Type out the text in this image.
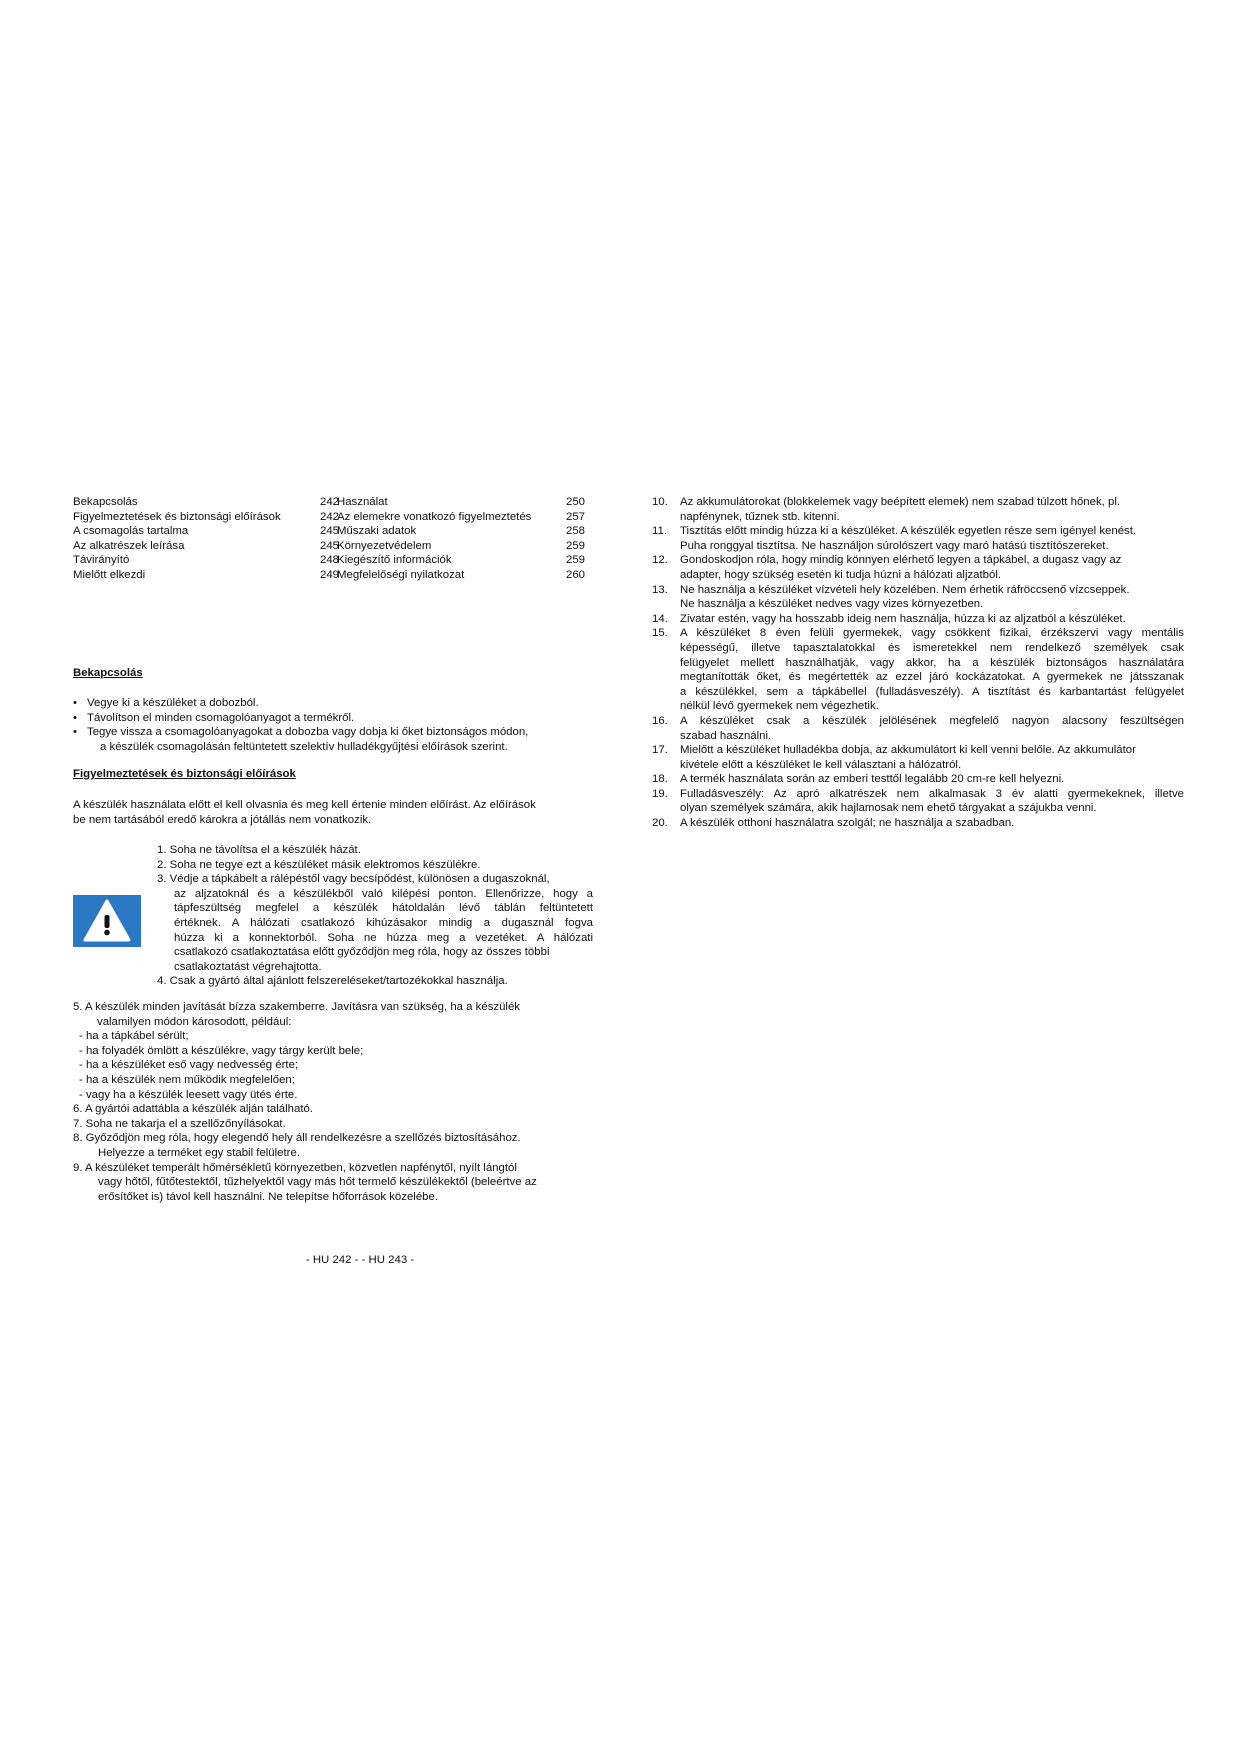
Bekapcsolás	242
Figyelmeztetések és biztonsági előírások	242
A csomagolás tartalma	245
Az alkatrészek leírása	245
Távirányító	248
Mielőtt elkezdi	249
Használat	250
Az elemekre vonatkozó figyelmeztetés	257
Műszaki adatok	258
Környezetvédelem	259
Kiegészítő információk	259
Megfelelőségi nyilatkozat	260
Bekapcsolás
• Vegye ki a készüléket a dobozból.
• Távolítson el minden csomagolóanyagot a termékről.
• Tegye vissza a csomagolóanyagokat a dobozba vagy dobja ki őket biztonságos módon,
a készülék csomagolásán feltüntetett szelektív hulladékgyűjtési előírások szerint.
Figyelmeztetések és biztonsági előírások
A készülék használata előtt el kell olvasnia és meg kell értenie minden előírást. Az előírások
be nem tartásából eredő károkra a jótállás nem vonatkozik.
1. Soha ne távolítsa el a készülék házát.
2. Soha ne tegye ezt a készüléket másik elektromos készülékre.
3. Védje a tápkábelt a rálépéstől vagy becsípődést, különösen a dugaszoknál,
az aljzatoknál és a készülékből való kilépési ponton. Ellenőrizze, hogy a
tápfeszültség megfelel a készülék hátoldalán lévő táblán feltüntetett
értéknek. A hálózati csatlakozó kihúzásakor mindig a dugasznál fogva
húzza ki a konnektorból. Soha ne húzza meg a vezetéket. A hálózati
csatlakozó csatlakoztatása előtt győződjön meg róla, hogy az összes többi
csatlakoztatást végrehajtotta.
4. Csak a gyártó által ajánlott felszereléseket/tartozékokkal használja.
5. A készülék minden javítását bízza szakemberre. Javításra van szükség, ha a készülék
valamilyen módon károsodott, például:
- ha a tápkábel sérült;
- ha folyadék ömlött a készülékre, vagy tárgy került bele;
- ha a készüléket eső vagy nedvesség érte;
- ha a készülék nem működik megfelelően;
- vagy ha a készülék leesett vagy ütés érte.
6. A gyártói adattábla a készülék alján található.
7. Soha ne takarja el a szellőzőnyílásokat.
8. Győződjön meg róla, hogy elegendő hely áll rendelkezésre a szellőzés biztosításához.
Helyezze a terméket egy stabil felületre.
9. A készüléket temperált hőmérsékletű környezetben, közvetlen napfénytől, nyílt lángtól
vagy hőtől, fűtőtestektől, tűzhelyektől vagy más hőt termelő készülékektől (beleértve az
erősítőket is) távol kell használni. Ne telepítse hőforrások közelébe.
10. Az akkumulátorokat (blokkelemek vagy beépített elemek) nem szabad túlzott hőnek, pl.
napfénynek, tűznek stb. kitenni.
11. Tisztítás előtt mindig húzza ki a készüléket. A készülék egyetlen része sem igényel kenést.
Puha ronggyal tisztítsa. Ne használjon súrolószert vagy maró hatású tisztítószereket.
12. Gondoskodjon róla, hogy mindig könnyen elérhető legyen a tápkábel, a dugasz vagy az
adapter, hogy szükség esetén ki tudja húzni a hálózati aljzatból.
13. Ne használja a készüléket vízvételi hely közelében. Nem érhetik ráfröccsenő vízcseppek.
Ne használja a készüléket nedves vagy vizes környezetben.
14. Zivatar estén, vagy ha hosszabb ideig nem használja, húzza ki az aljzatból a készüléket.
15. A készüléket 8 éven felüli gyermekek, vagy csökkent fizikai, érzékszervi vagy mentális
képességű, illetve tapasztalatokkal és ismeretekkel nem rendelkező személyek csak
felügyelet mellett használhatják, vagy akkor, ha a készülék biztonságos használatára
megtanították őket, és megértették az ezzel járó kockázatokat. A gyermekek ne játsszanak
a készülékkel, sem a tápkábellel (fulladásveszély). A tisztítást és karbantartást felügyelet
nélkül lévő gyermekek nem végezhetik.
16. A készüléket csak a készülék jelölésének megfelelő nagyon alacsony feszültségen
szabad használni.
17. Mielőtt a készüléket hulladékba dobja, az akkumulátort ki kell venni belőle. Az akkumulátor
kivétele előtt a készüléket le kell választani a hálózatról.
18. A termék használata során az emberi testtől legalább 20 cm-re kell helyezni.
19. Fulladásveszély: Az apró alkatrészek nem alkalmasak 3 év alatti gyermekeknek, illetve
olyan személyek számára, akik hajlamosak nem ehető tárgyakat a szájukba venni.
20. A készülék otthoni használatra szolgál; ne használja a szabadban.
- HU 242 - - HU 243 -
